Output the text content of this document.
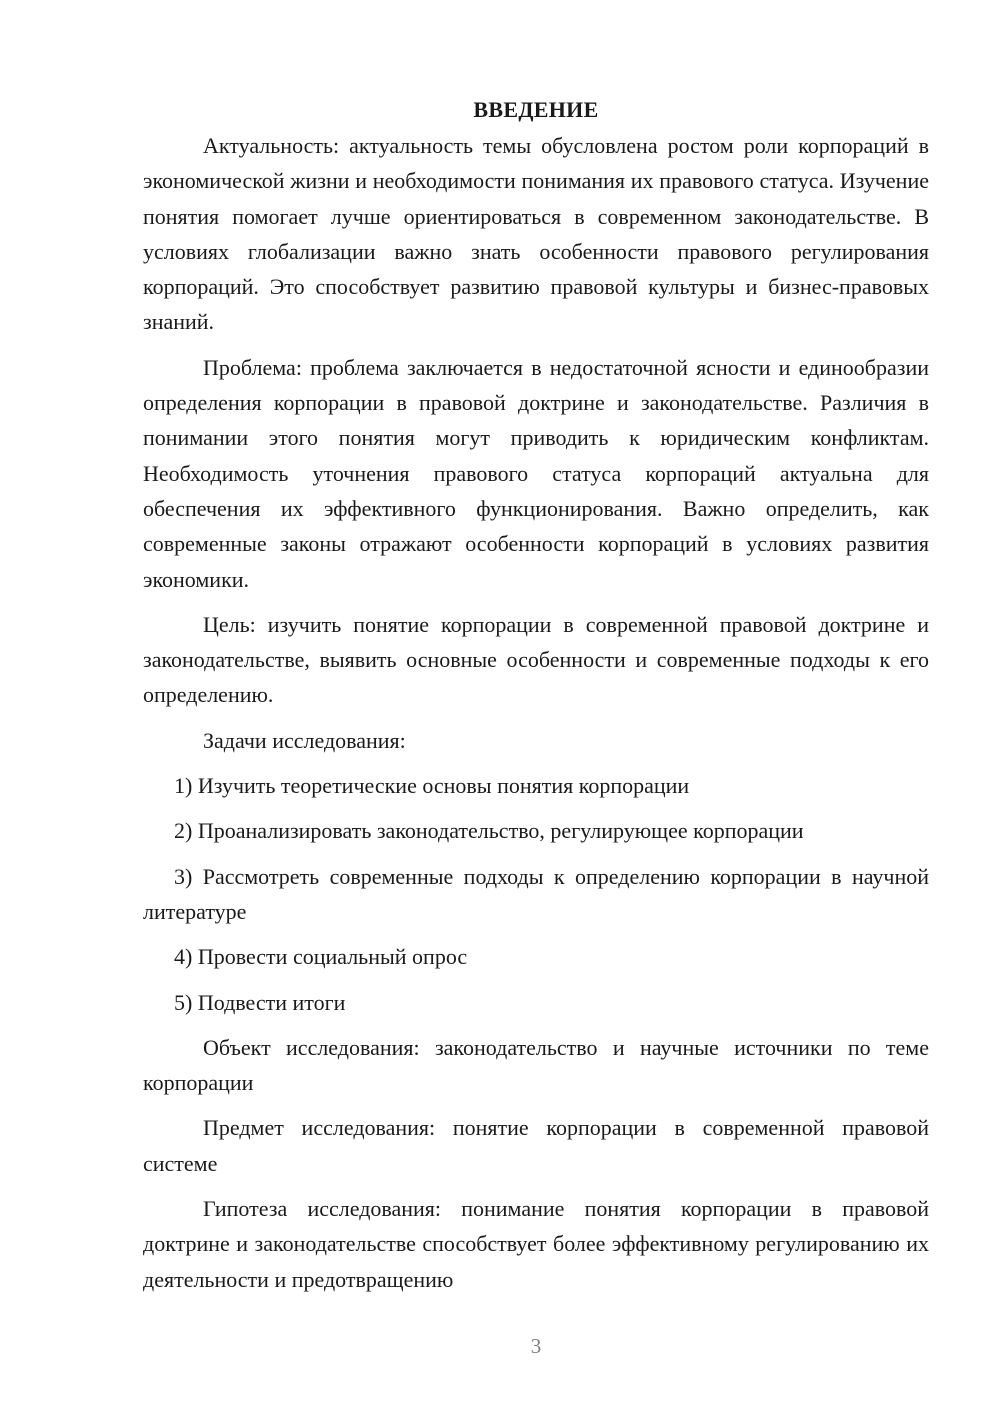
ВВЕДЕНИЕ

Актуальность: актуальность темы обусловлена ростом роли корпораций в экономической жизни и необходимости понимания их правового статуса. Изучение понятия помогает лучше ориентироваться в современном законодательстве. В условиях глобализации важно знать особенности правового регулирования корпораций. Это способствует развитию правовой культуры и бизнес-правовых знаний.

Проблема: проблема заключается в недостаточной ясности и единообразии определения корпорации в правовой доктрине и законодательстве. Различия в понимании этого понятия могут приводить к юридическим конфликтам. Необходимость уточнения правового статуса корпораций актуальна для обеспечения их эффективного функционирования. Важно определить, как современные законы отражают особенности корпораций в условиях развития экономики.

Цель: изучить понятие корпорации в современной правовой доктрине и законодательстве, выявить основные особенности и современные подходы к его определению.

Задачи исследования:

1) Изучить теоретические основы понятия корпорации

2) Проанализировать законодательство, регулирующее корпорации

3) Рассмотреть современные подходы к определению корпорации в научной литературе

4) Провести социальный опрос

5) Подвести итоги

Объект исследования: законодательство и научные источники по теме корпорации

Предмет исследования: понятие корпорации в современной правовой системе

Гипотеза исследования: понимание понятия корпорации в правовой доктрине и законодательстве способствует более эффективному регулированию их деятельности и предотвращению

3
